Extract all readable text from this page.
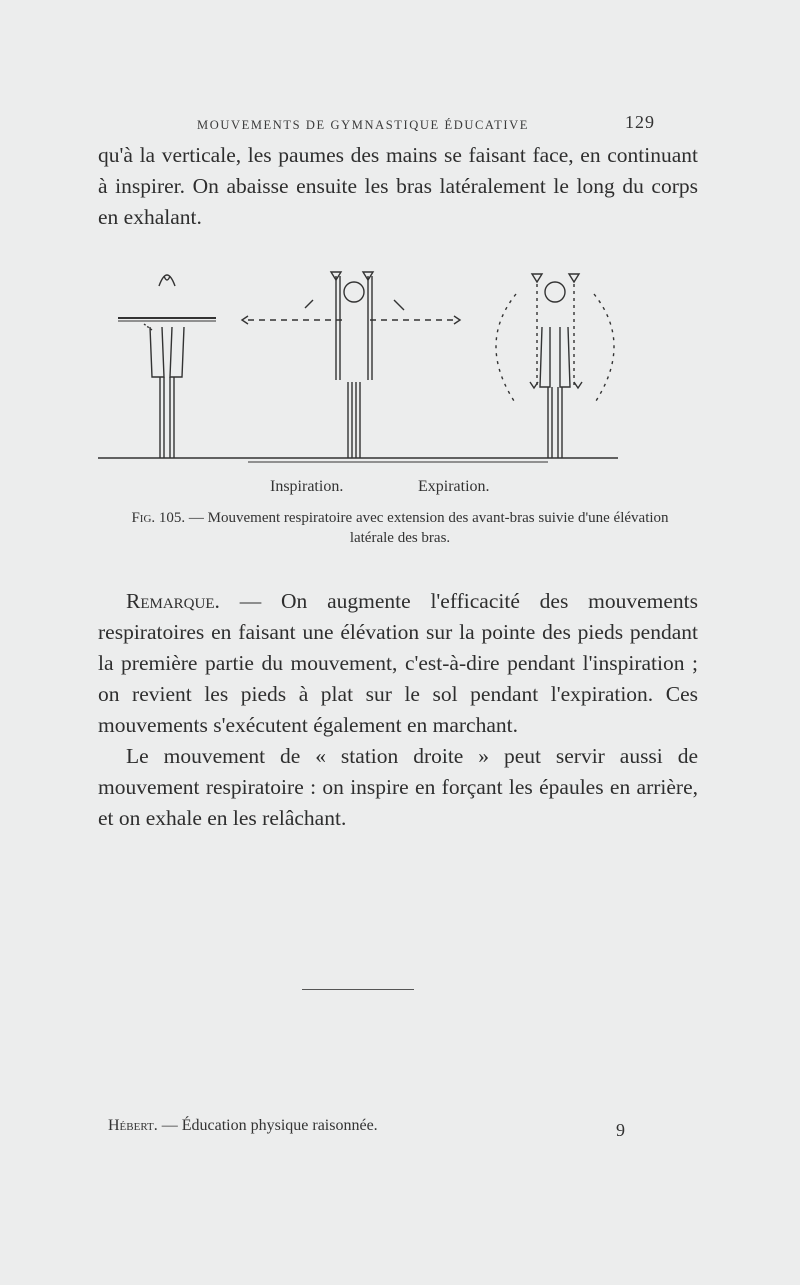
MOUVEMENTS DE GYMNASTIQUE ÉDUCATIVE	129

qu'à la verticale, les paumes des mains se faisant face, en continuant à inspirer. On abaisse ensuite les bras latéralement le long du corps en exhalant.

Inspiration.	Expiration.
Fig. 105. — Mouvement respiratoire avec extension des avant-bras suivie d'une élévation latérale des bras.

Remarque. — On augmente l'efficacité des mouvements respiratoires en faisant une élévation sur la pointe des pieds pendant la première partie du mouvement, c'est-à-dire pendant l'inspiration ; on revient les pieds à plat sur le sol pendant l'expiration. Ces mouvements s'exécutent également en marchant.

Le mouvement de « station droite » peut servir aussi de mouvement respiratoire : on inspire en forçant les épaules en arrière, et on exhale en les relâchant.

Hébert. — Éducation physique raisonnée.	9
